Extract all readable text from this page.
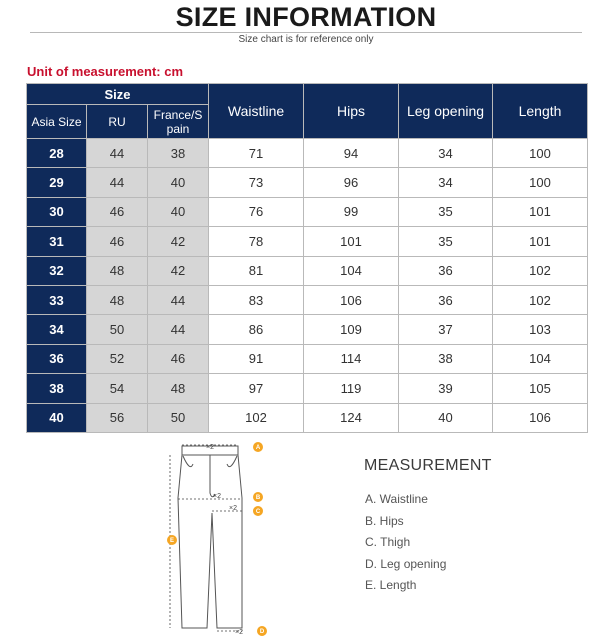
SIZE INFORMATION
Size chart is for reference only
Unit of measurement: cm
Size			Waistline	Hips	Leg opening	Length
Asia Size	RU	France/S pain				
28	44	38	71	94	34	100
29	44	40	73	96	34	100
30	46	40	76	99	35	101
31	46	42	78	101	35	101
32	48	42	81	104	36	102
33	48	44	83	106	36	102
34	50	44	86	109	37	103
36	52	46	91	114	38	104
38	54	48	97	119	39	105
40	56	50	102	124	40	106
×2
×2
×2
×2
A
B
C
D
E
MEASUREMENT
A. Waistline
B. Hips
C. Thigh
D. Leg opening
E. Length
